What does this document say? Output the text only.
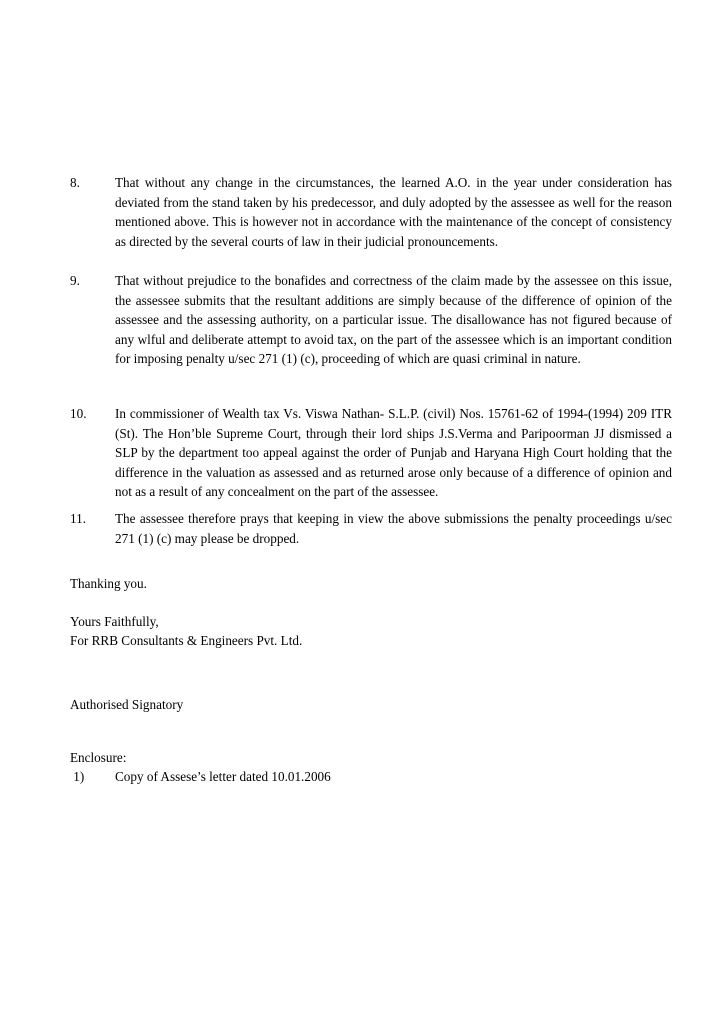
8.	That without any change in the circumstances, the learned A.O. in the year under consideration has deviated from the stand taken by his predecessor, and duly adopted by the assessee as well for the reason mentioned above. This is however not in accordance with the maintenance of the concept of consistency as directed by the several courts of law in their judicial pronouncements.
9.	That without prejudice to the bonafides and correctness of the claim made by the assessee on this issue, the assessee submits that the resultant additions are simply because of the difference of opinion of the assessee and the assessing authority, on a particular issue. The disallowance has not figured because of any wlful and deliberate attempt to avoid tax, on the part of the assessee which is an important condition for imposing penalty u/sec 271 (1) (c), proceeding of which are quasi criminal in nature.
10. In commissioner of Wealth tax Vs. Viswa Nathan- S.L.P. (civil) Nos. 15761-62 of 1994-(1994) 209 ITR (St). The Hon’ble Supreme Court, through their lord ships J.S.Verma and Paripoorman JJ dismissed a SLP by the department too appeal against the order of Punjab and Haryana High Court holding that the difference in the valuation as assessed and as returned arose only because of a difference of opinion and not as a result of any concealment on the part of the assessee.
11. The assessee therefore prays that keeping in view the above submissions the penalty proceedings u/sec 271 (1) (c) may please be dropped.
Thanking you.
Yours Faithfully,
For RRB Consultants & Engineers Pvt. Ltd.
Authorised Signatory
Enclosure:
1) Copy of Assese’s letter dated 10.01.2006
